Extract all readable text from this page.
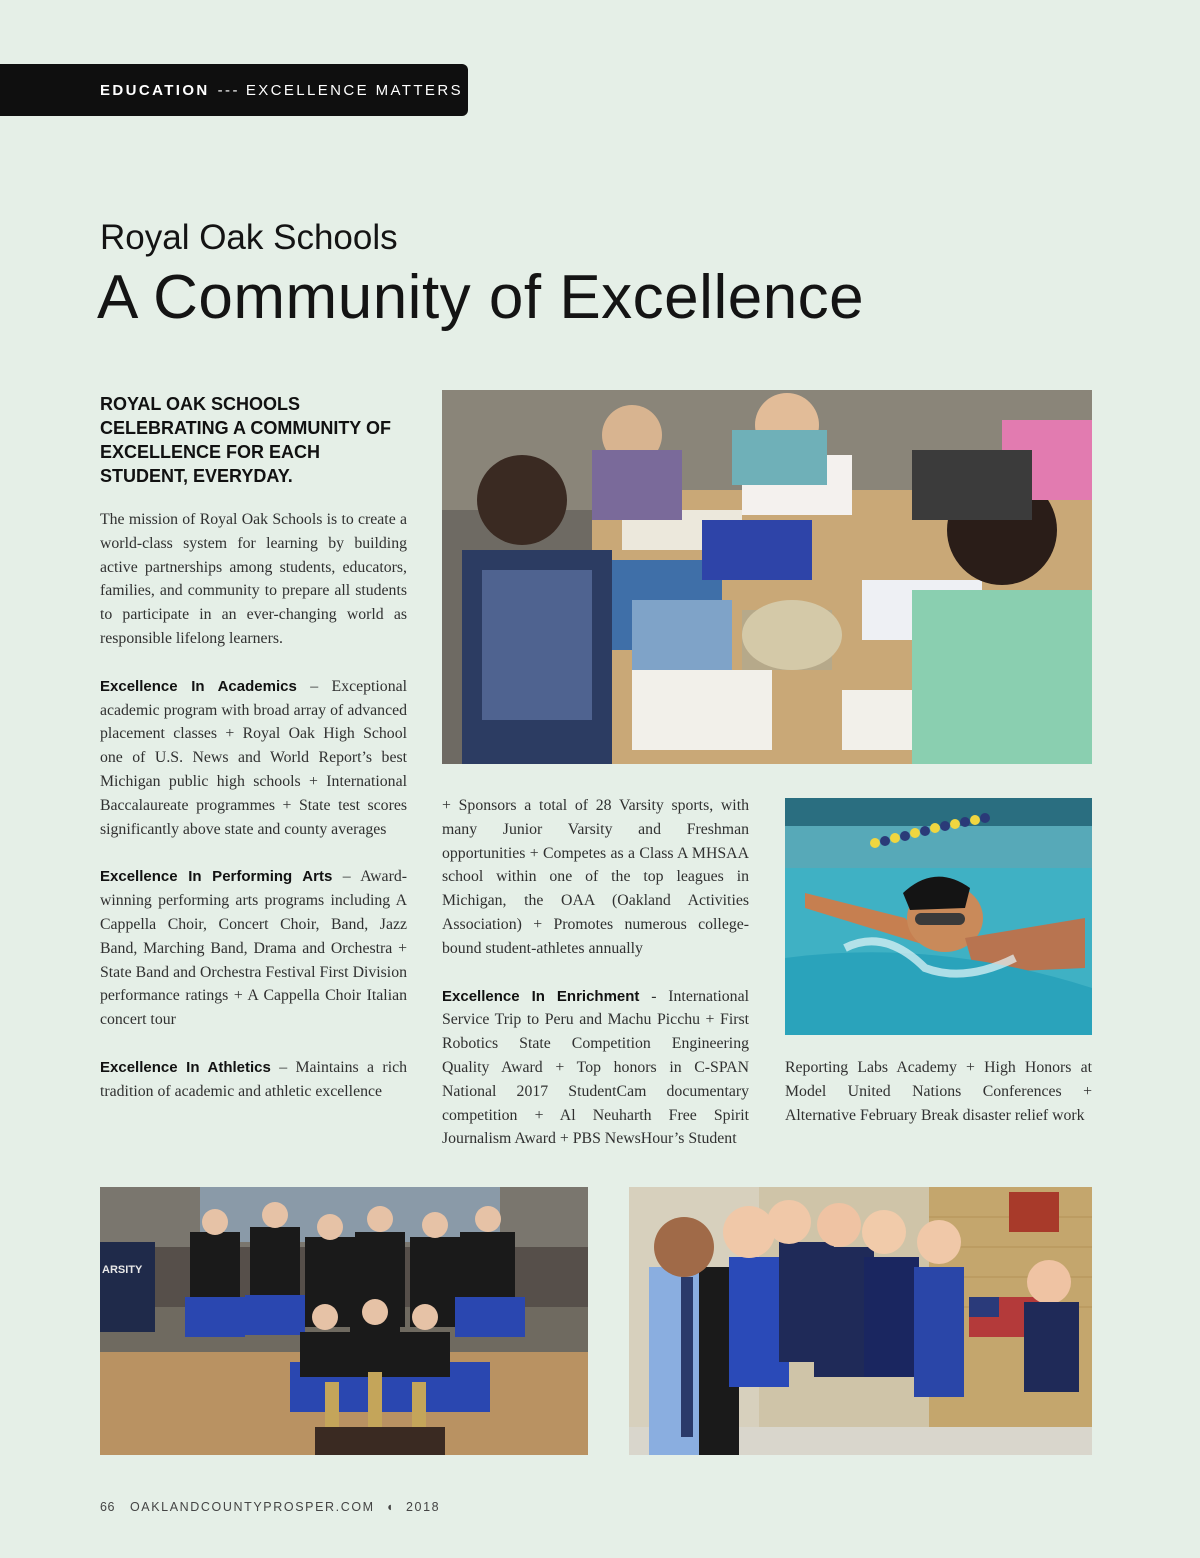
EDUCATION --- EXCELLENCE MATTERS
Royal Oak Schools
A Community of Excellence
ROYAL OAK SCHOOLS CELEBRATING A COMMUNITY OF EXCELLENCE FOR EACH STUDENT, EVERYDAY.

The mission of Royal Oak Schools is to create a world-class system for learning by building active partnerships among students, educators, families, and community to prepare all students to participate in an ever-changing world as responsible lifelong learners.

Excellence In Academics – Exceptional academic program with broad array of advanced placement classes + Royal Oak High School one of U.S. News and World Report’s best Michigan public high schools + International Baccalaureate programmes + State test scores significantly above state and county averages

Excellence In Performing Arts – Award-winning performing arts programs including A Cappella Choir, Concert Choir, Band, Jazz Band, Marching Band, Drama and Orchestra + State Band and Orchestra Festival First Division performance ratings + A Cappella Choir Italian concert tour

Excellence In Athletics – Maintains a rich tradition of academic and athletic excellence

+ Sponsors a total of 28 Varsity sports, with many Junior Varsity and Freshman opportunities + Competes as a Class A MHSAA school within one of the top leagues in Michigan, the OAA (Oakland Activities Association) + Promotes numerous college-bound student-athletes annually

Excellence In Enrichment - International Service Trip to Peru and Machu Picchu + First Robotics State Competition Engineering Quality Award + Top honors in C-SPAN National 2017 StudentCam documentary competition + Al Neuharth Free Spirit Journalism Award + PBS NewsHour’s Student

Reporting Labs Academy + High Honors at Model United Nations Conferences + Alternative February Break disaster relief work

ARSITY
66 OAKLANDCOUNTYPROSPER.COM ◖ 2018
